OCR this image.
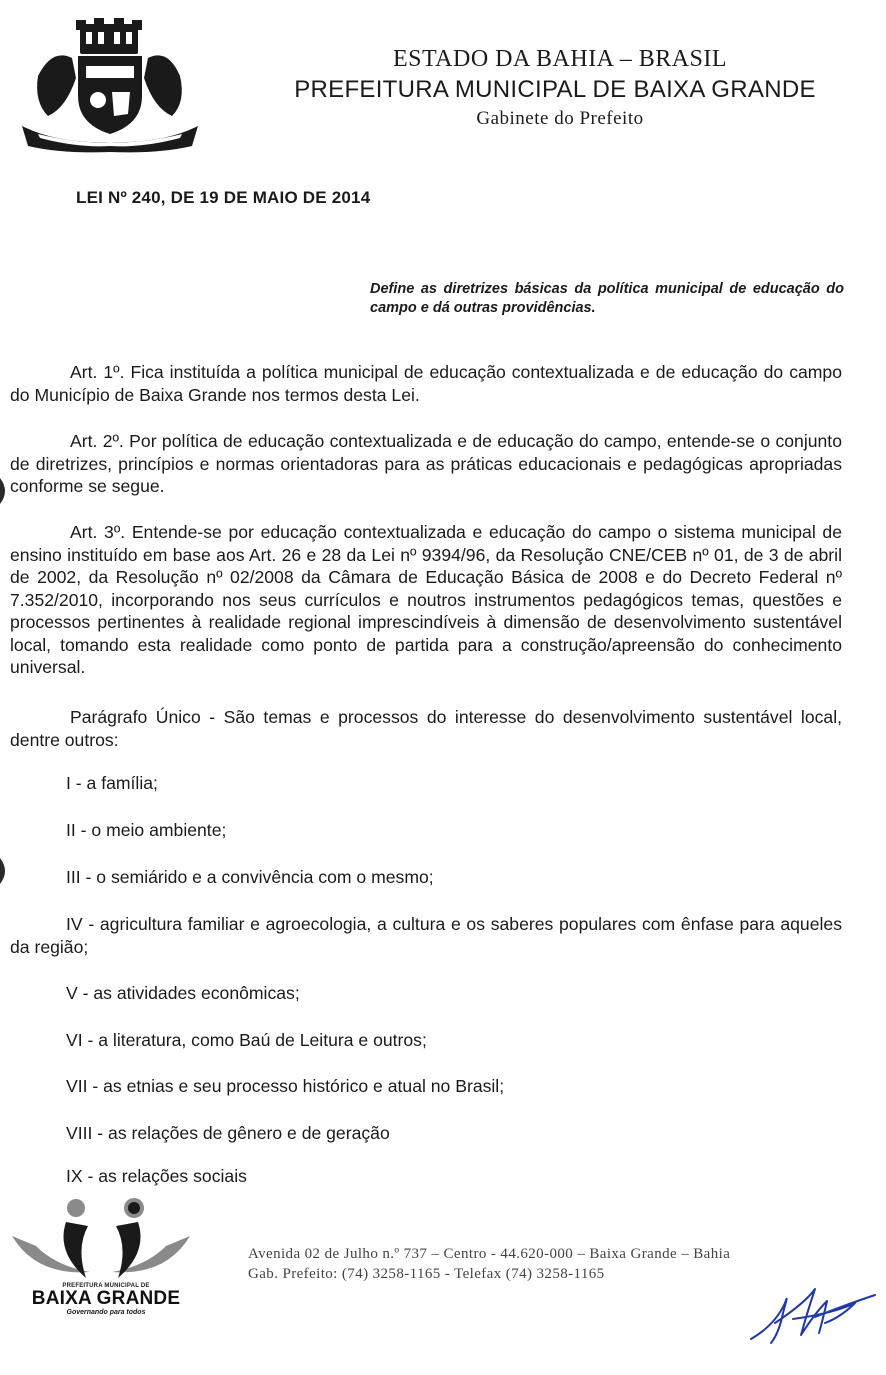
ESTADO DA BAHIA – BRASIL
PREFEITURA MUNICIPAL DE BAIXA GRANDE
Gabinete do Prefeito
LEI Nº 240, DE 19 DE MAIO DE 2014
Define as diretrizes básicas da política municipal de educação do campo e dá outras providências.
Art. 1º. Fica instituída a política municipal de educação contextualizada e de educação do campo do Município de Baixa Grande nos termos desta Lei.
Art. 2º. Por política de educação contextualizada e de educação do campo, entende-se o conjunto de diretrizes, princípios e normas orientadoras para as práticas educacionais e pedagógicas apropriadas conforme se segue.
Art. 3º. Entende-se por educação contextualizada e educação do campo o sistema municipal de ensino instituído em base aos Art. 26 e 28 da Lei nº 9394/96, da Resolução CNE/CEB nº 01, de 3 de abril de 2002, da Resolução nº 02/2008 da Câmara de Educação Básica de 2008 e do Decreto Federal nº 7.352/2010, incorporando nos seus currículos e noutros instrumentos pedagógicos temas, questões e processos pertinentes à realidade regional imprescindíveis à dimensão de desenvolvimento sustentável local, tomando esta realidade como ponto de partida para a construção/apreensão do conhecimento universal.
Parágrafo Único - São temas e processos do interesse do desenvolvimento sustentável local, dentre outros:
I - a família;
II - o meio ambiente;
III - o semiárido e a convivência com o mesmo;
IV - agricultura familiar e agroecologia, a cultura e os saberes populares com ênfase para aqueles da região;
V - as atividades econômicas;
VI - a literatura, como Baú de Leitura e outros;
VII - as etnias e seu processo histórico e atual no Brasil;
VIII - as relações de gênero e de geração
IX - as relações sociais
PREFEITURA MUNICIPAL DE
BAIXA GRANDE
Governando para todos
Avenida 02 de Julho n.º 737 – Centro - 44.620-000 – Baixa Grande – Bahia
Gab. Prefeito: (74) 3258-1165 - Telefax (74) 3258-1165
